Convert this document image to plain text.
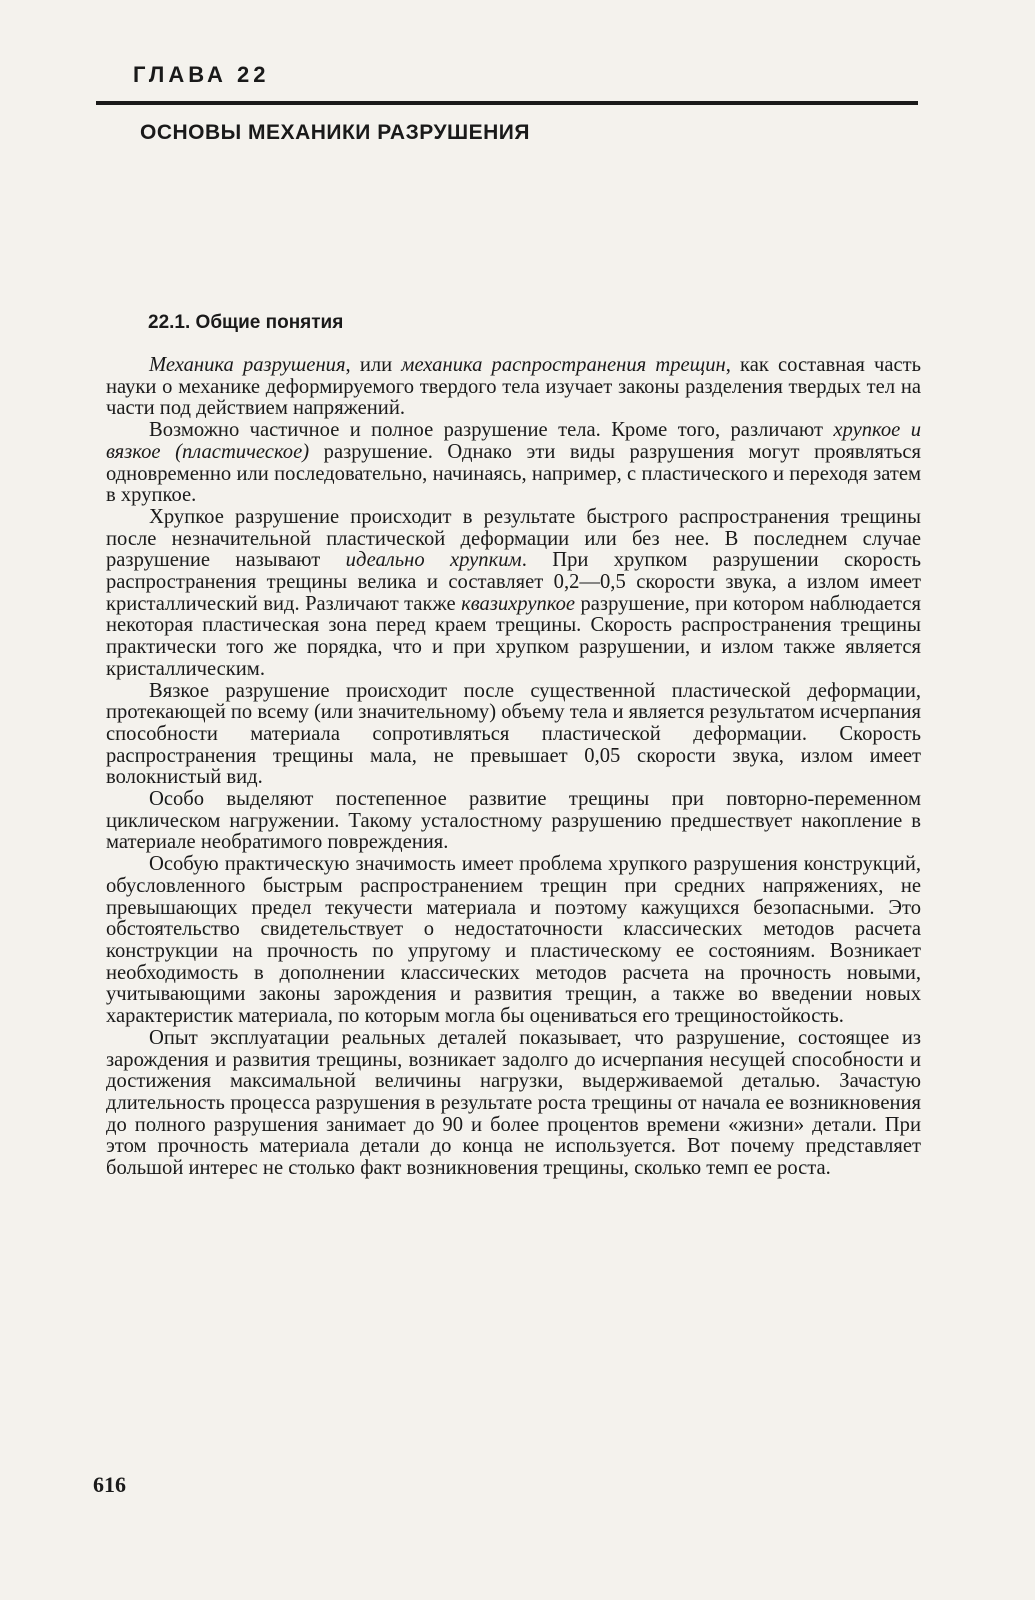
ГЛАВА 22
ОСНОВЫ МЕХАНИКИ РАЗРУШЕНИЯ
22.1. Общие понятия

Механика разрушения, или механика распространения трещин, как составная часть науки о механике деформируемого твердого тела изучает законы разделения твердых тел на части под действием напряжений.

Возможно частичное и полное разрушение тела. Кроме того, различают хрупкое и вязкое (пластическое) разрушение. Однако эти виды разрушения могут проявляться одновременно или последовательно, начинаясь, например, с пластического и переходя затем в хрупкое.

Хрупкое разрушение происходит в результате быстрого распространения трещины после незначительной пластической деформации или без нее. В последнем случае разрушение называют идеально хрупким. При хрупком разрушении скорость распространения трещины велика и составляет 0,2—0,5 скорости звука, а излом имеет кристаллический вид. Различают также квазихрупкое разрушение, при котором наблюдается некоторая пластическая зона перед краем трещины. Скорость распространения трещины практически того же порядка, что и при хрупком разрушении, и излом также является кристаллическим.

Вязкое разрушение происходит после существенной пластической деформации, протекающей по всему (или значительному) объему тела и является результатом исчерпания способности материала сопротивляться пластической деформации. Скорость распространения трещины мала, не превышает 0,05 скорости звука, излом имеет волокнистый вид.

Особо выделяют постепенное развитие трещины при повторно-переменном циклическом нагружении. Такому усталостному разрушению предшествует накопление в материале необратимого повреждения.

Особую практическую значимость имеет проблема хрупкого разрушения конструкций, обусловленного быстрым распространением трещин при средних напряжениях, не превышающих предел текучести материала и поэтому кажущихся безопасными. Это обстоятельство свидетельствует о недостаточности классических методов расчета конструкции на прочность по упругому и пластическому ее состояниям. Возникает необходимость в дополнении классических методов расчета на прочность новыми, учитывающими законы зарождения и развития трещин, а также во введении новых характеристик материала, по которым могла бы оцениваться его трещиностойкость.

Опыт эксплуатации реальных деталей показывает, что разрушение, состоящее из зарождения и развития трещины, возникает задолго до исчерпания несущей способности и достижения максимальной величины нагрузки, выдерживаемой деталью. Зачастую длительность процесса разрушения в результате роста трещины от начала ее возникновения до полного разрушения занимает до 90 и более процентов времени «жизни» детали. При этом прочность материала детали до конца не используется. Вот почему представляет большой интерес не столько факт возникновения трещины, сколько темп ее роста.

616
